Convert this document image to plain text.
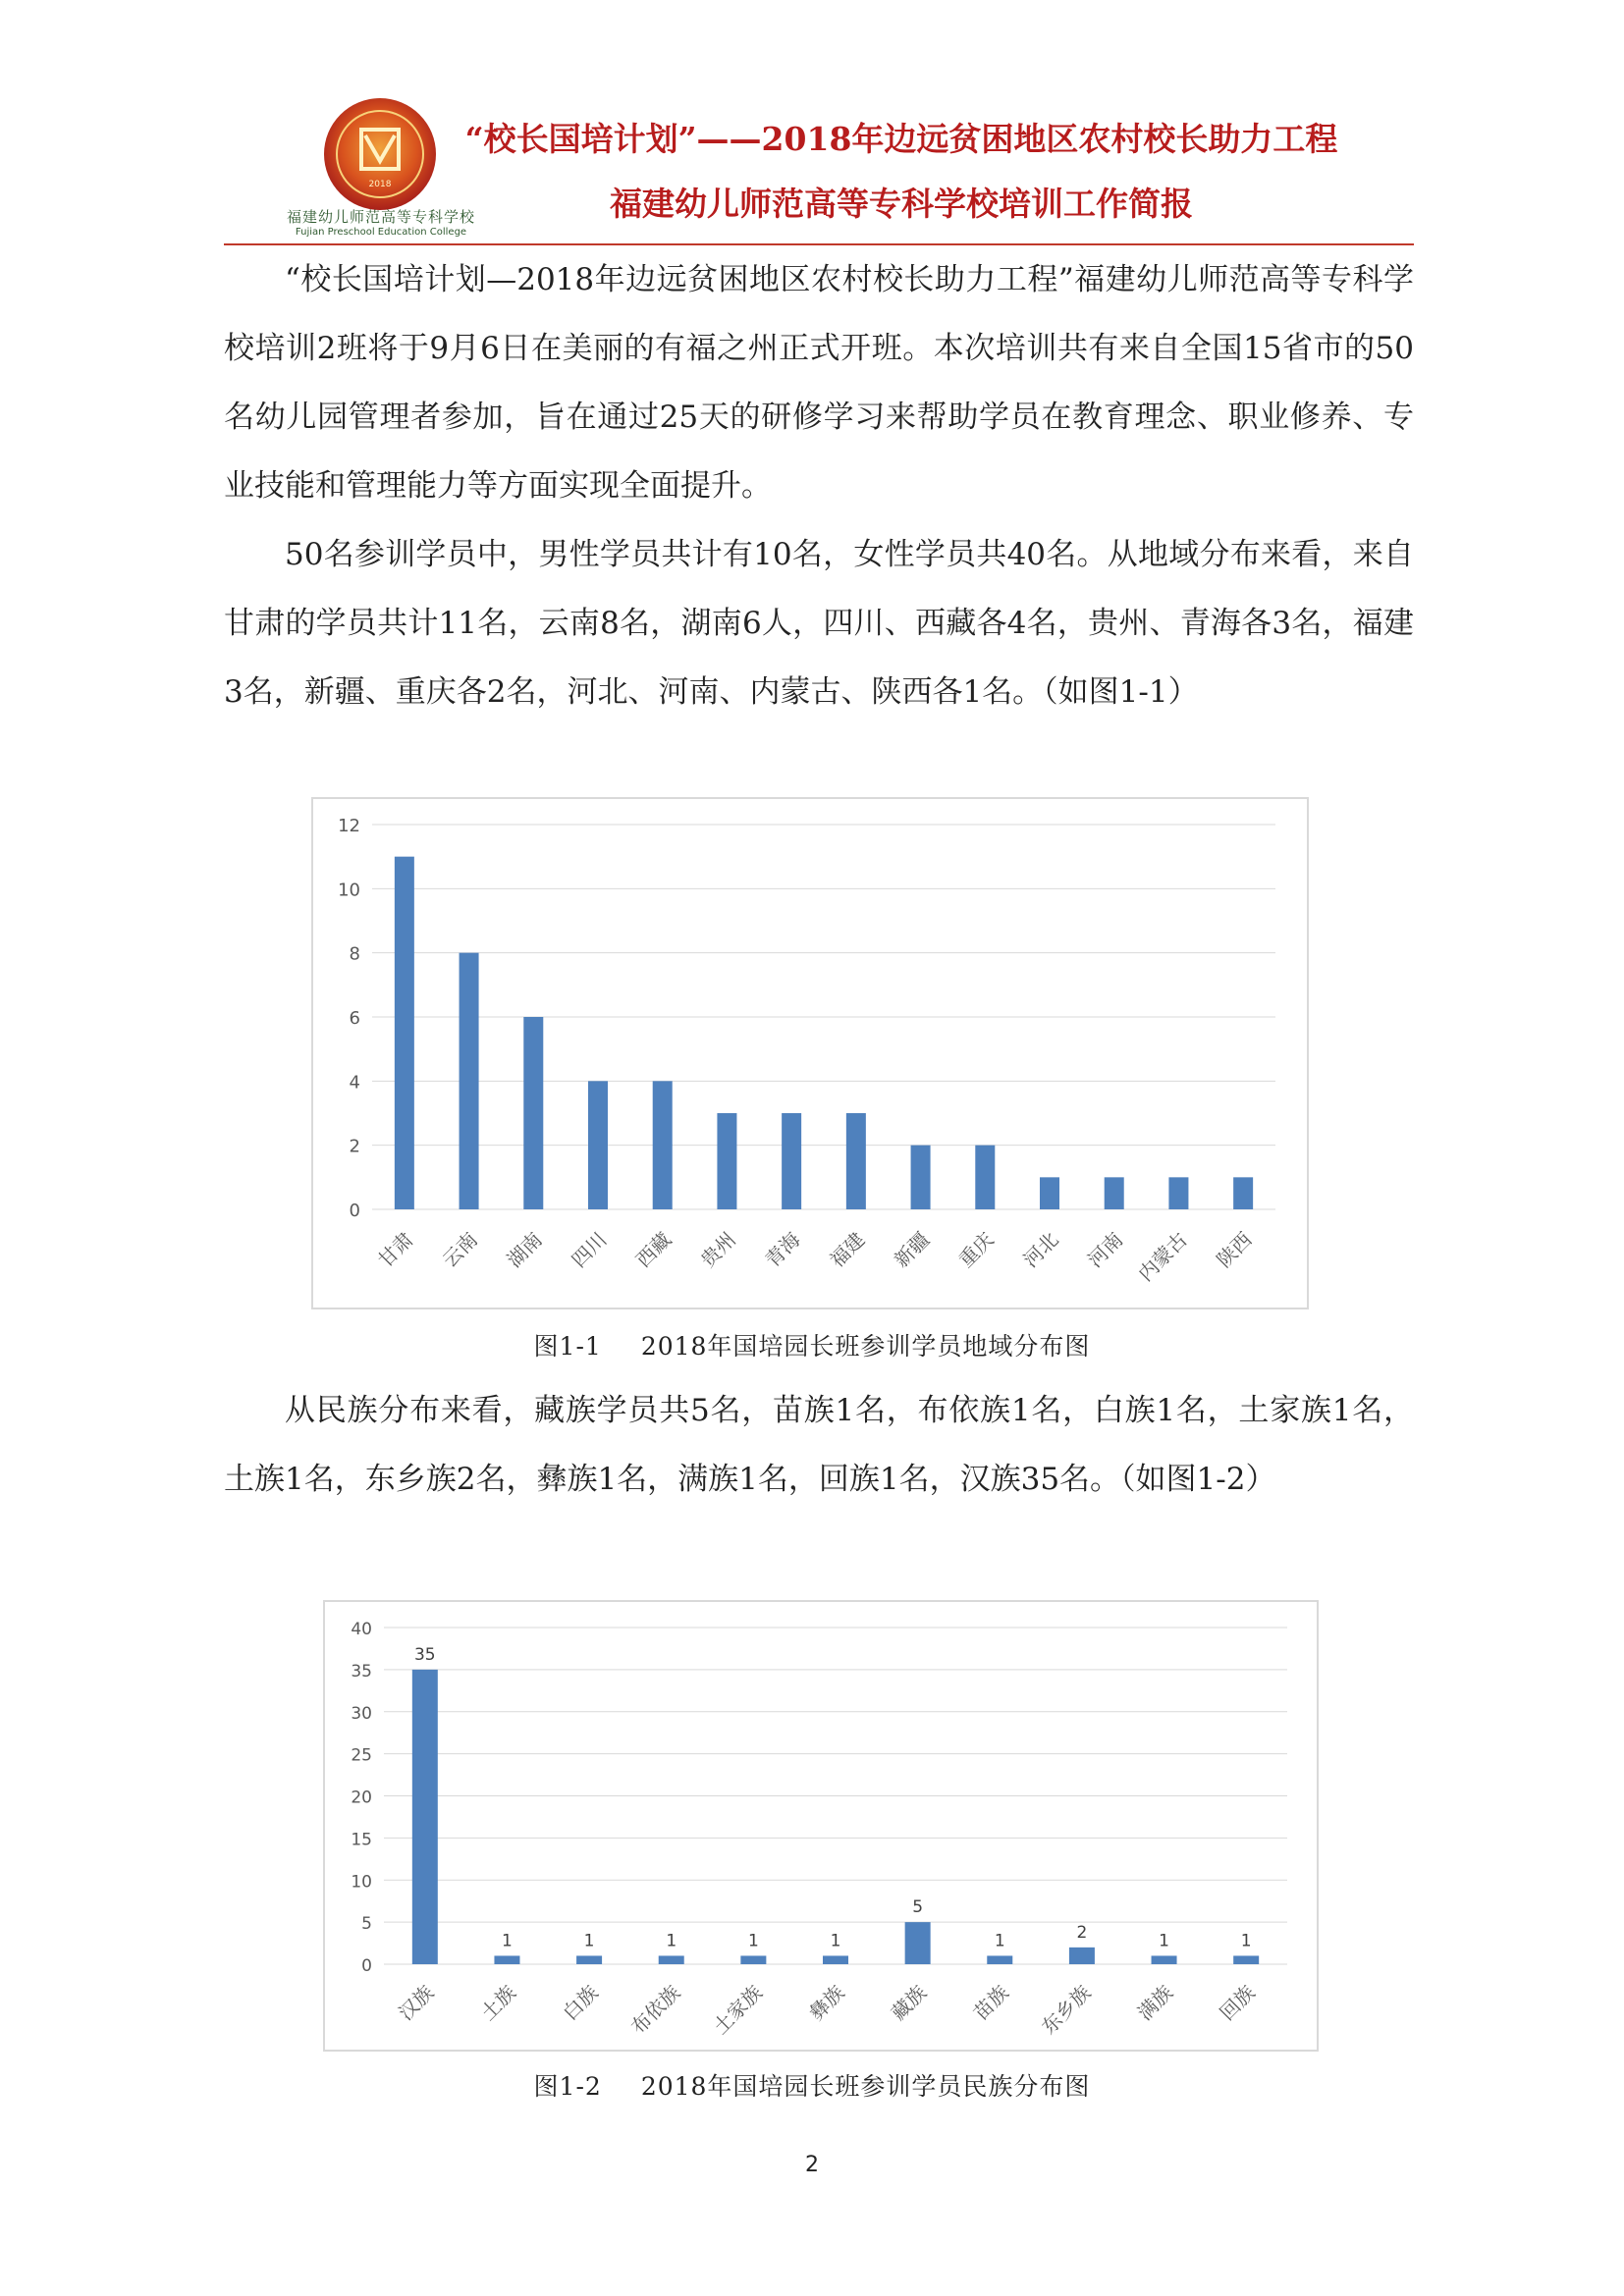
2018
福建幼儿师范高等专科学校
Fujian Preschool Education College
“校长国培计划”——2018年边远贫困地区农村校长助力工程
福建幼儿师范高等专科学校培训工作简报
“校长国培计划—2018年边远贫困地区农村校长助力工程”福建幼儿师范高等专科学校培训2班将于9月6日在美丽的有福之州正式开班。本次培训共有来自全国15省市的50名幼儿园管理者参加，旨在通过25天的研修学习来帮助学员在教育理念、职业修养、专业技能和管理能力等方面实现全面提升。
50名参训学员中，男性学员共计有10名，女性学员共40名。从地域分布来看，来自甘肃的学员共计11名，云南8名，湖南6人，四川、西藏各4名，贵州、青海各3名，福建3名，新疆、重庆各2名，河北、河南、内蒙古、陕西各1名。（如图1-1）
0
2
4
6
8
10
12
甘肃 云南 湖南 四川 西藏 贵州 青海 福建 新疆 重庆 河北 河南 内蒙古 陕西
图1-1 2018年国培园长班参训学员地域分布图
从民族分布来看，藏族学员共5名，苗族1名，布依族1名，白族1名，土家族1名，土族1名，东乡族2名，彝族1名，满族1名，回族1名，汉族35名。（如图1-2）
0
5
10
15
20
25
30
35
40
35
汉族
1
土族
1
白族
1
布依族
1
土家族
1
彝族
5
藏族
1
苗族
2
东乡族
1
满族
1
回族
图1-2 2018年国培园长班参训学员民族分布图
2
